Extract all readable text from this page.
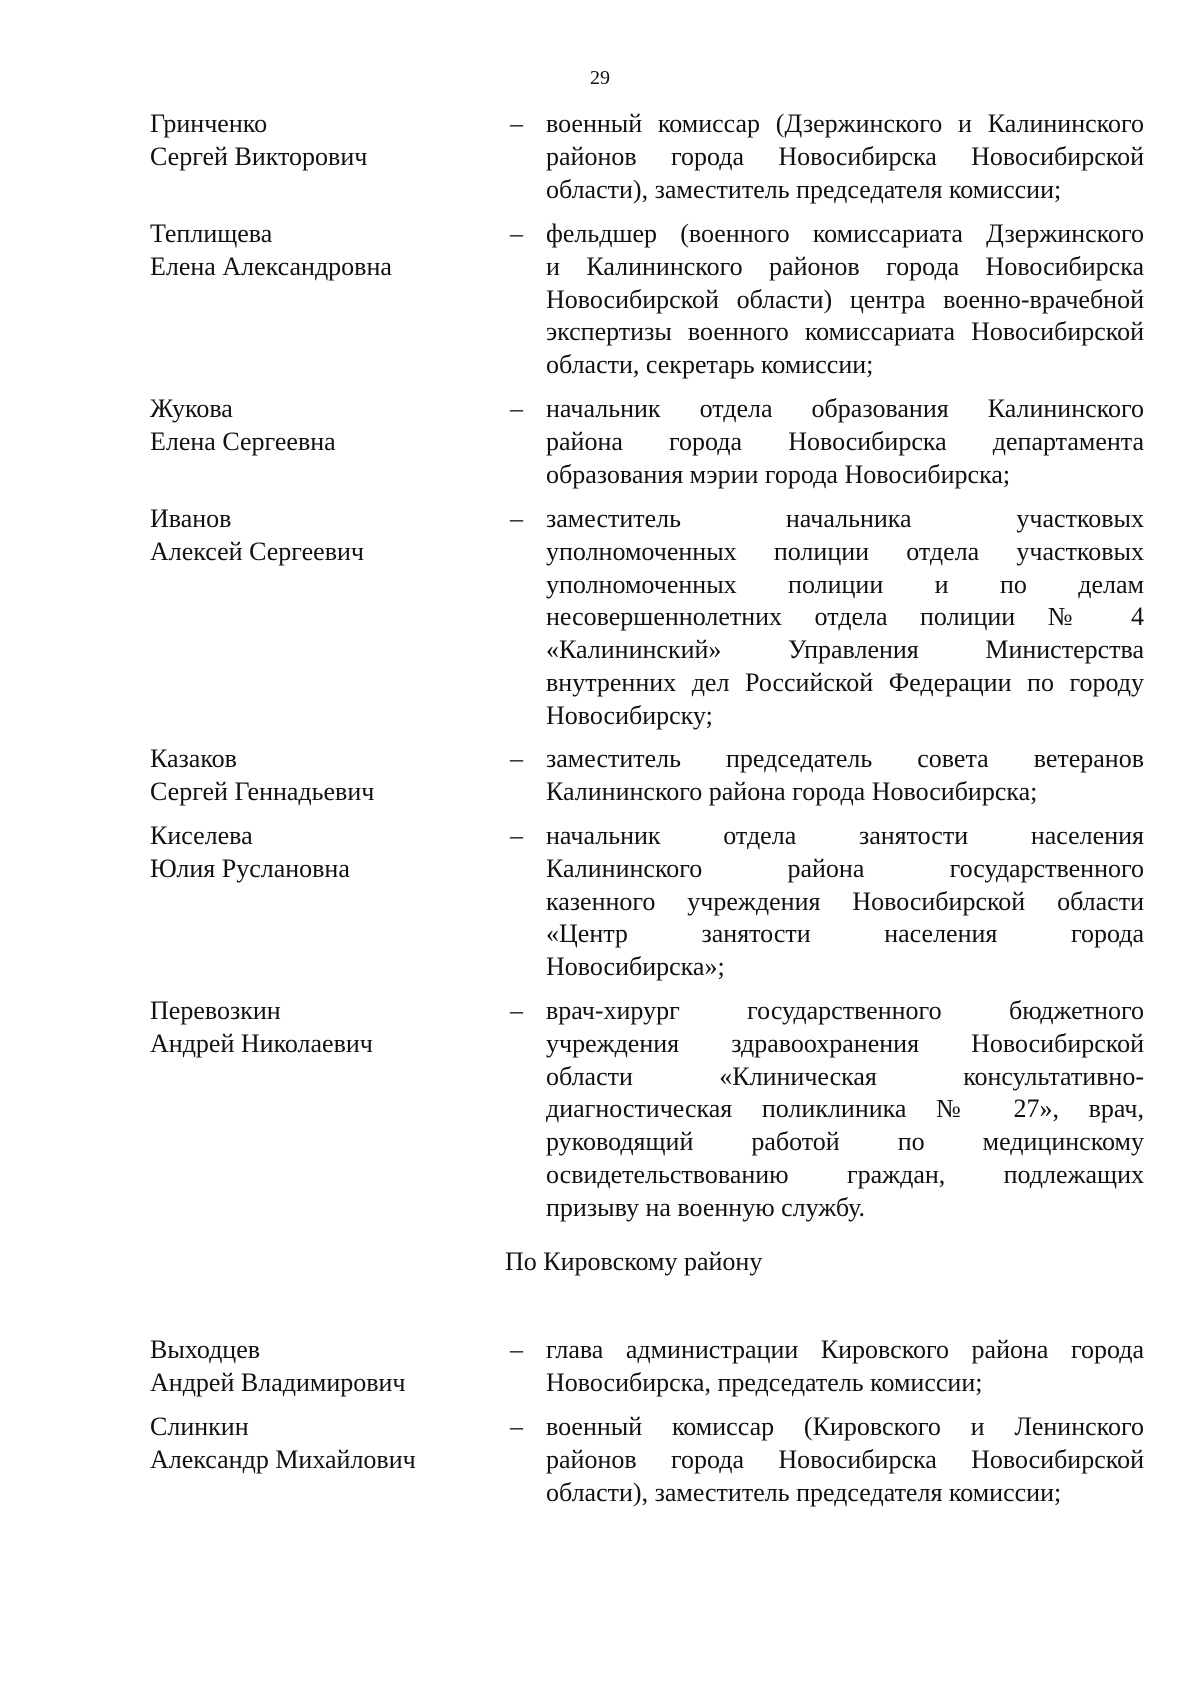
29
Гринченко
Сергей Викторович
– военный комиссар (Дзержинского и Калининского
районов города Новосибирска Новосибирской
области), заместитель председателя комиссии;
Теплищева
Елена Александровна
– фельдшер (военного комиссариата Дзержинского
и Калининского районов города Новосибирска
Новосибирской области) центра военно-врачебной
экспертизы военного комиссариата Новосибирской
области, секретарь комиссии;
Жукова
Елена Сергеевна
– начальник отдела образования Калининского
района города Новосибирска департамента
образования мэрии города Новосибирска;
Иванов
Алексей Сергеевич
– заместитель начальника участковых
уполномоченных полиции отдела участковых
уполномоченных полиции и по делам
несовершеннолетних отдела полиции № 4
«Калининский» Управления Министерства
внутренних дел Российской Федерации по городу
Новосибирску;
Казаков
Сергей Геннадьевич
– заместитель председатель совета ветеранов
Калининского района города Новосибирска;
Киселева
Юлия Руслановна
– начальник отдела занятости населения
Калининского района государственного
казенного учреждения Новосибирской области
«Центр занятости населения города
Новосибирска»;
Перевозкин
Андрей Николаевич
– врач-хирург государственного бюджетного
учреждения здравоохранения Новосибирской
области «Клиническая консультативно-
диагностическая поликлиника № 27», врач,
руководящий работой по медицинскому
освидетельствованию граждан, подлежащих
призыву на военную службу.
По Кировскому району
Выходцев
Андрей Владимирович
– глава администрации Кировского района города
Новосибирска, председатель комиссии;
Слинкин
Александр Михайлович
– военный комиссар (Кировского и Ленинского
районов города Новосибирска Новосибирской
области), заместитель председателя комиссии;
